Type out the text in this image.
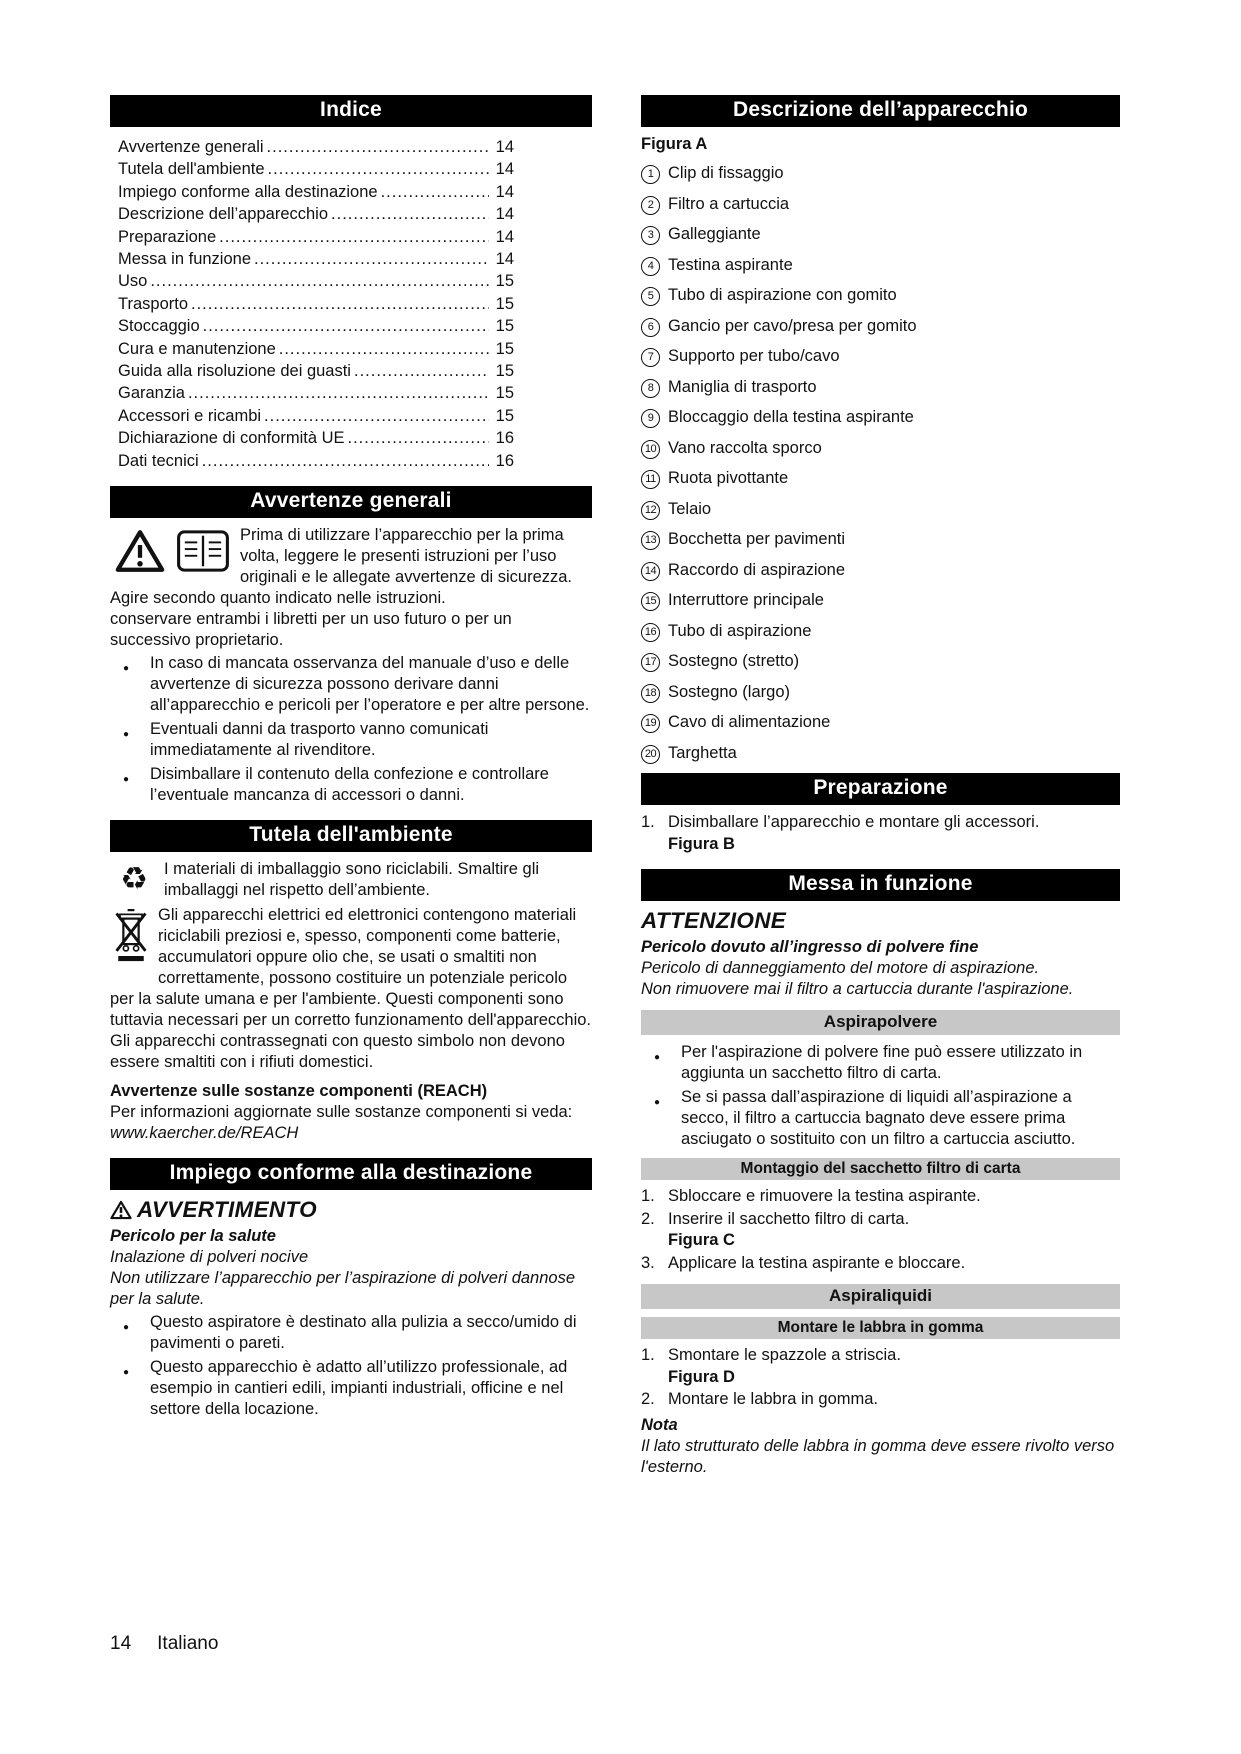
Indice
Avvertenze generali .....	14
Tutela dell'ambiente .....	14
Impiego conforme alla destinazione .....	14
Descrizione dell’apparecchio .....	14
Preparazione .....	14
Messa in funzione .....	14
Uso .....	15
Trasporto .....	15
Stoccaggio .....	15
Cura e manutenzione .....	15
Guida alla risoluzione dei guasti .....	15
Garanzia .....	15
Accessori e ricambi .....	15
Dichiarazione di conformità UE .....	16
Dati tecnici .....	16
Avvertenze generali
Prima di utilizzare l’apparecchio per la prima volta, leggere le presenti istruzioni per l’uso originali e le allegate avvertenze di sicurezza. Agire secondo quanto indicato nelle istruzioni.

conservare entrambi i libretti per un uso futuro o per un successivo proprietario.

● In caso di mancata osservanza del manuale d’uso e delle avvertenze di sicurezza possono derivare danni all’apparecchio e pericoli per l’operatore e per altre persone.
● Eventuali danni da trasporto vanno comunicati immediatamente al rivenditore.
● Disimballare il contenuto della confezione e controllare l’eventuale mancanza di accessori o danni.
Tutela dell'ambiente
♻ I materiali di imballaggio sono riciclabili. Smaltire gli imballaggi nel rispetto dell’ambiente.
Gli apparecchi elettrici ed elettronici contengono materiali riciclabili preziosi e, spesso, componenti come batterie, accumulatori oppure olio che, se usati o smaltiti non correttamente, possono costituire un potenziale pericolo per la salute umana e per l'ambiente. Questi componenti sono tuttavia necessari per un corretto funzionamento dell'apparecchio. Gli apparecchi contrassegnati con questo simbolo non devono essere smaltiti con i rifiuti domestici.

Avvertenze sulle sostanze componenti (REACH)

Per informazioni aggiornate sulle sostanze componenti si veda: www.kaercher.de/REACH

Impiego conforme alla destinazione
AVVERTIMENTO

Pericolo per la salute

Inalazione di polveri nocive

Non utilizzare l’apparecchio per l’aspirazione di polveri dannose per la salute.

● Questo aspiratore è destinato alla pulizia a secco/umido di pavimenti o pareti.
● Questo apparecchio è adatto all’utilizzo professionale, ad esempio in cantieri edili, impianti industriali, officine e nel settore della locazione.
Descrizione dell’apparecchio
Figura A
1 Clip di fissaggio
2 Filtro a cartuccia
3 Galleggiante
4 Testina aspirante
5 Tubo di aspirazione con gomito
6 Gancio per cavo/presa per gomito
7 Supporto per tubo/cavo
8 Maniglia di trasporto
9 Bloccaggio della testina aspirante
10 Vano raccolta sporco
11 Ruota pivottante
12 Telaio
13 Bocchetta per pavimenti
14 Raccordo di aspirazione
15 Interruttore principale
16 Tubo di aspirazione
17 Sostegno (stretto)
18 Sostegno (largo)
19 Cavo di alimentazione
20 Targhetta
Preparazione
1. Disimballare l’apparecchio e montare gli accessori.
Figura B
Messa in funzione
ATTENZIONE

Pericolo dovuto all’ingresso di polvere fine

Pericolo di danneggiamento del motore di aspirazione.

Non rimuovere mai il filtro a cartuccia durante l'aspirazione.

Aspirapolvere
● Per l'aspirazione di polvere fine può essere utilizzato in aggiunta un sacchetto filtro di carta.
● Se si passa dall’aspirazione di liquidi all’aspirazione a secco, il filtro a cartuccia bagnato deve essere prima asciugato o sostituito con un filtro a cartuccia asciutto.
Montaggio del sacchetto filtro di carta
1. Sbloccare e rimuovere la testina aspirante.
2. Inserire il sacchetto filtro di carta.
Figura C
3. Applicare la testina aspirante e bloccare.
Aspiraliquidi
Montare le labbra in gomma
1. Smontare le spazzole a striscia.
Figura D
2. Montare le labbra in gomma.

Nota

Il lato strutturato delle labbra in gomma deve essere rivolto verso l'esterno.

14 Italiano
